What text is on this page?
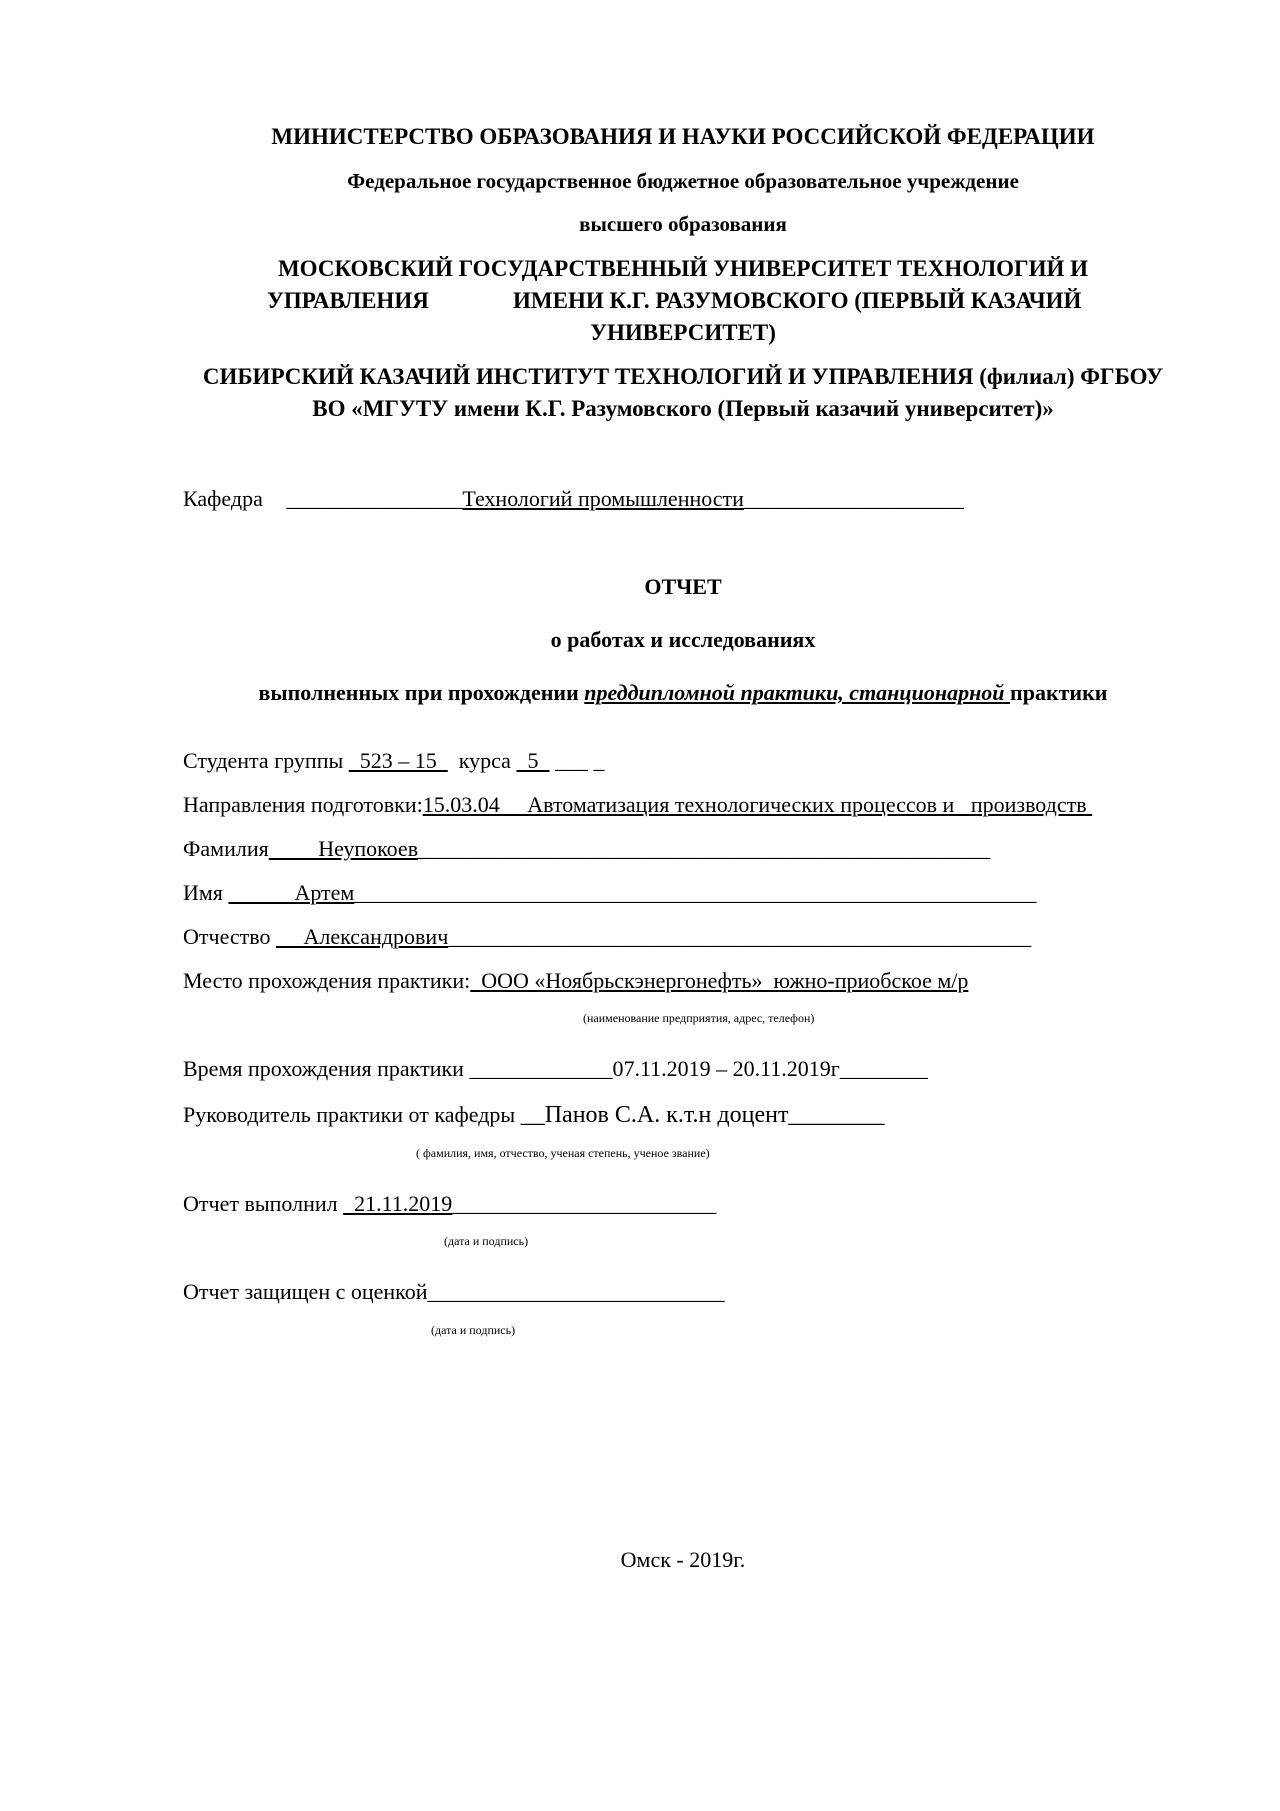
МИНИСТЕРСТВО ОБРАЗОВАНИЯ И НАУКИ РОССИЙСКОЙ ФЕДЕРАЦИИ
Федеральное государственное бюджетное образовательное учреждение
высшего образования
МОСКОВСКИЙ ГОСУДАРСТВЕННЫЙ УНИВЕРСИТЕТ ТЕХНОЛОГИЙ И
УПРАВЛЕНИЯ	ИМЕНИ К.Г. РАЗУМОВСКОГО (ПЕРВЫЙ КАЗАЧИЙ
УНИВЕРСИТЕТ)
СИБИРСКИЙ КАЗАЧИЙ ИНСТИТУТ ТЕХНОЛОГИЙ И УПРАВЛЕНИЯ (филиал) ФГБОУ
ВО «МГУТУ имени К.Г. Разумовского (Первый казачий университет)»
Кафедра ________________Технологий промышленности____________________
ОТЧЕТ
о работах и исследованиях
выполненных при прохождении преддипломной практики, станционарной практики
Студента группы   523 – 15    курса   5   ___ _
Направления подготовки:15.03.04     Автоматизация технологических процессов и   производств
Фамилия         Неупокоев____________________________________________________
Имя             Артем______________________________________________________________
Отчество      Александрович_____________________________________________________
Место прохождения практики:  ООО «Ноябрьскэнергонефть»  южно-приобское м/р
(наименование предприятия, адрес, телефон)
Время прохождения практики _____________07.11.2019 – 20.11.2019г________
Руководитель практики от кафедры __Панов С.А. к.т.н доцент________
( фамилия, имя, отчество, ученая степень, ученое звание)
Отчет выполнил   21.11.2019________________________
(дата и подпись)
Отчет защищен с оценкой___________________________
(дата и подпись)
Омск - 2019г.
